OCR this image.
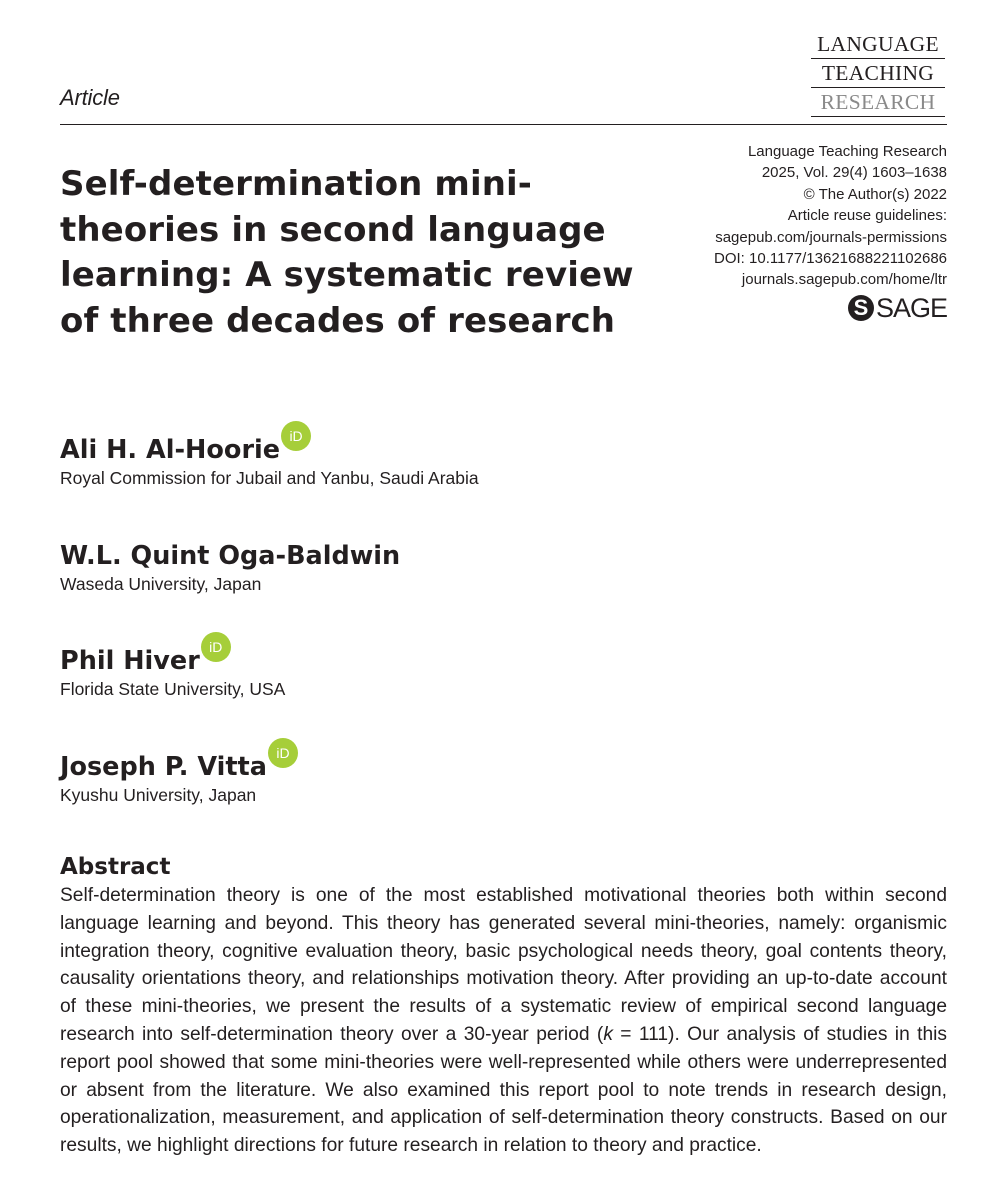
LANGUAGE
TEACHING
RESEARCH
Article
Language Teaching Research
2025, Vol. 29(4) 1603–1638
© The Author(s) 2022
Article reuse guidelines:
sagepub.com/journals-permissions
DOI: 10.1177/13621688221102686
journals.sagepub.com/home/ltr
S SAGE
Self-determination mini-theories in second language learning: A systematic review of three decades of research
Ali H. Al-Hoorie iD
Royal Commission for Jubail and Yanbu, Saudi Arabia
W.L. Quint Oga-Baldwin
Waseda University, Japan
Phil Hiver iD
Florida State University, USA
Joseph P. Vitta iD
Kyushu University, Japan
Abstract

Self-determination theory is one of the most established motivational theories both within second language learning and beyond. This theory has generated several mini-theories, namely: organismic integration theory, cognitive evaluation theory, basic psychological needs theory, goal contents theory, causality orientations theory, and relationships motivation theory. After providing an up-to-date account of these mini-theories, we present the results of a systematic review of empirical second language research into self-determination theory over a 30-year period (k = 111). Our analysis of studies in this report pool showed that some mini-theories were well-represented while others were underrepresented or absent from the literature. We also examined this report pool to note trends in research design, operationalization, measurement, and application of self-determination theory constructs. Based on our results, we highlight directions for future research in relation to theory and practice.
